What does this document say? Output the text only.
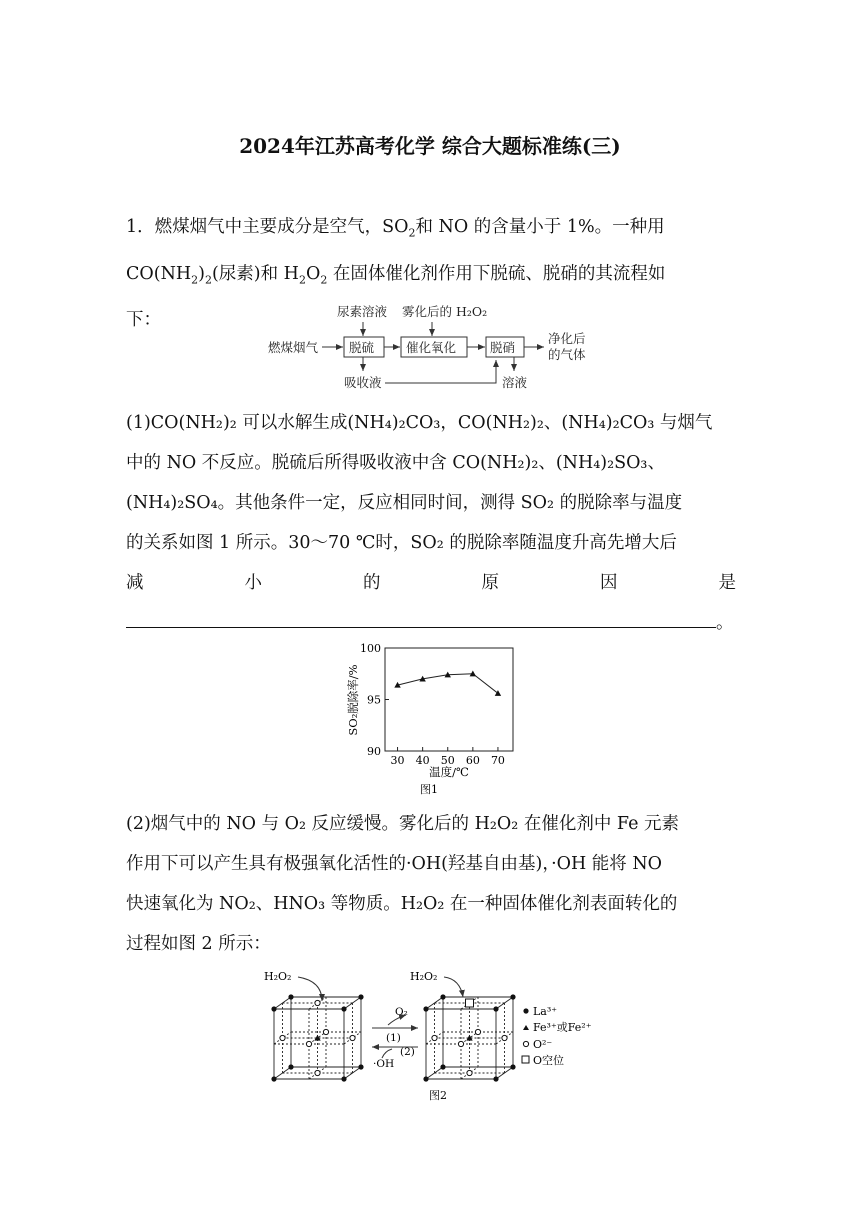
2024年江苏高考化学 综合大题标准练(三)
1．燃煤烟气中主要成分是空气，$SO_2$和 NO 的含量小于 1%。一种用
$CO(NH_2)_2$(尿素)和 $H_2O_2$ 在固体催化剂作用下脱硫、脱硝的其流程如
下：	尿素溶液 雾化后的 H₂O₂
燃煤烟气 脱硫	催化氧化	脱硝
净化后
的气体
吸收液	溶液
(1)CO(NH₂)₂ 可以水解生成(NH₄)₂CO₃，CO(NH₂)₂、(NH₄)₂CO₃ 与烟气
中的 NO 不反应。脱硫后所得吸收液中含 CO(NH₂)₂、(NH₄)₂SO₃、
(NH₄)₂SO₄。其他条件一定，反应相同时间，测得 SO₂ 的脱除率与温度
的关系如图 1 所示。30～70 ℃时，SO₂ 的脱除率随温度升高先增大后
减	小	的	原	因	是
。
30 40 50 60 70
90
95
100
温度/℃
SO₂脱除率/%
图1
(2)烟气中的 NO 与 O₂ 反应缓慢。雾化后的 H₂O₂ 在催化剂中 Fe 元素
作用下可以产生具有极强氧化活性的·OH(羟基自由基)，·OH 能将 NO
快速氧化为 NO₂、HNO₃ 等物质。H₂O₂ 在一种固体催化剂表面转化的
过程如图 2 所示：
H₂O₂	H₂O₂
O₂
(1)
(2)
·OH
La³⁺
Fe³⁺或Fe²⁺
O²⁻
O空位
图2
